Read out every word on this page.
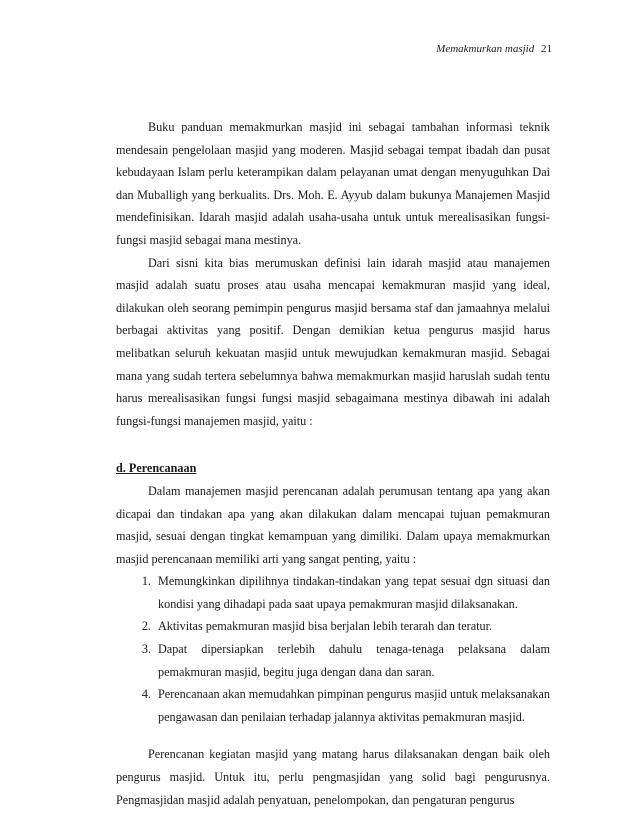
Memakmurkan masjid 21

Buku panduan memakmurkan masjid ini sebagai tambahan informasi teknik mendesain pengelolaan masjid yang moderen. Masjid sebagai tempat ibadah dan pusat kebudayaan Islam perlu keterampikan dalam pelayanan umat dengan menyuguhkan Dai dan Muballigh yang berkualits. Drs. Moh. E. Ayyub dalam bukunya Manajemen Masjid mendefinisikan. Idarah masjid adalah usaha-usaha untuk untuk merealisasikan fungsi-fungsi masjid sebagai mana mestinya.

Dari sisni kita bias merumuskan definisi lain idarah masjid atau manajemen masjid adalah suatu proses atau usaha mencapai kemakmuran masjid yang ideal, dilakukan oleh seorang pemimpin pengurus masjid bersama staf dan jamaahnya melalui berbagai aktivitas yang positif. Dengan demikian ketua pengurus masjid harus melibatkan seluruh kekuatan masjid untuk mewujudkan kemakmuran masjid. Sebagai mana yang sudah tertera sebelumnya bahwa memakmurkan masjid haruslah sudah tentu harus merealisasikan fungsi fungsi masjid sebagaimana mestinya dibawah ini adalah fungsi-fungsi manajemen masjid, yaitu :

d. Perencanaan

Dalam manajemen masjid perencanan adalah perumusan tentang apa yang akan dicapai dan tindakan apa yang akan dilakukan dalam mencapai tujuan pemakmuran masjid, sesuai dengan tingkat kemampuan yang dimiliki. Dalam upaya memakmurkan masjid perencanaan memiliki arti yang sangat penting, yaitu :

1. Memungkinkan dipilihnya tindakan-tindakan yang tepat sesuai dgn situasi dan kondisi yang dihadapi pada saat upaya pemakmuran masjid dilaksanakan.
2. Aktivitas pemakmuran masjid bisa berjalan lebih terarah dan teratur.
3. Dapat dipersiapkan terlebih dahulu tenaga-tenaga pelaksana dalam pemakmuran masjid, begitu juga dengan dana dan saran.
4. Perencanaan akan memudahkan pimpinan pengurus masjid untuk melaksanakan pengawasan dan penilaian terhadap jalannya aktivitas pemakmuran masjid.

Perencanan kegiatan masjid yang matang harus dilaksanakan dengan baik oleh pengurus masjid. Untuk itu, perlu pengmasjidan yang solid bagi pengurusnya. Pengmasjidan masjid adalah penyatuan, penelompokan, dan pengaturan pengurus
